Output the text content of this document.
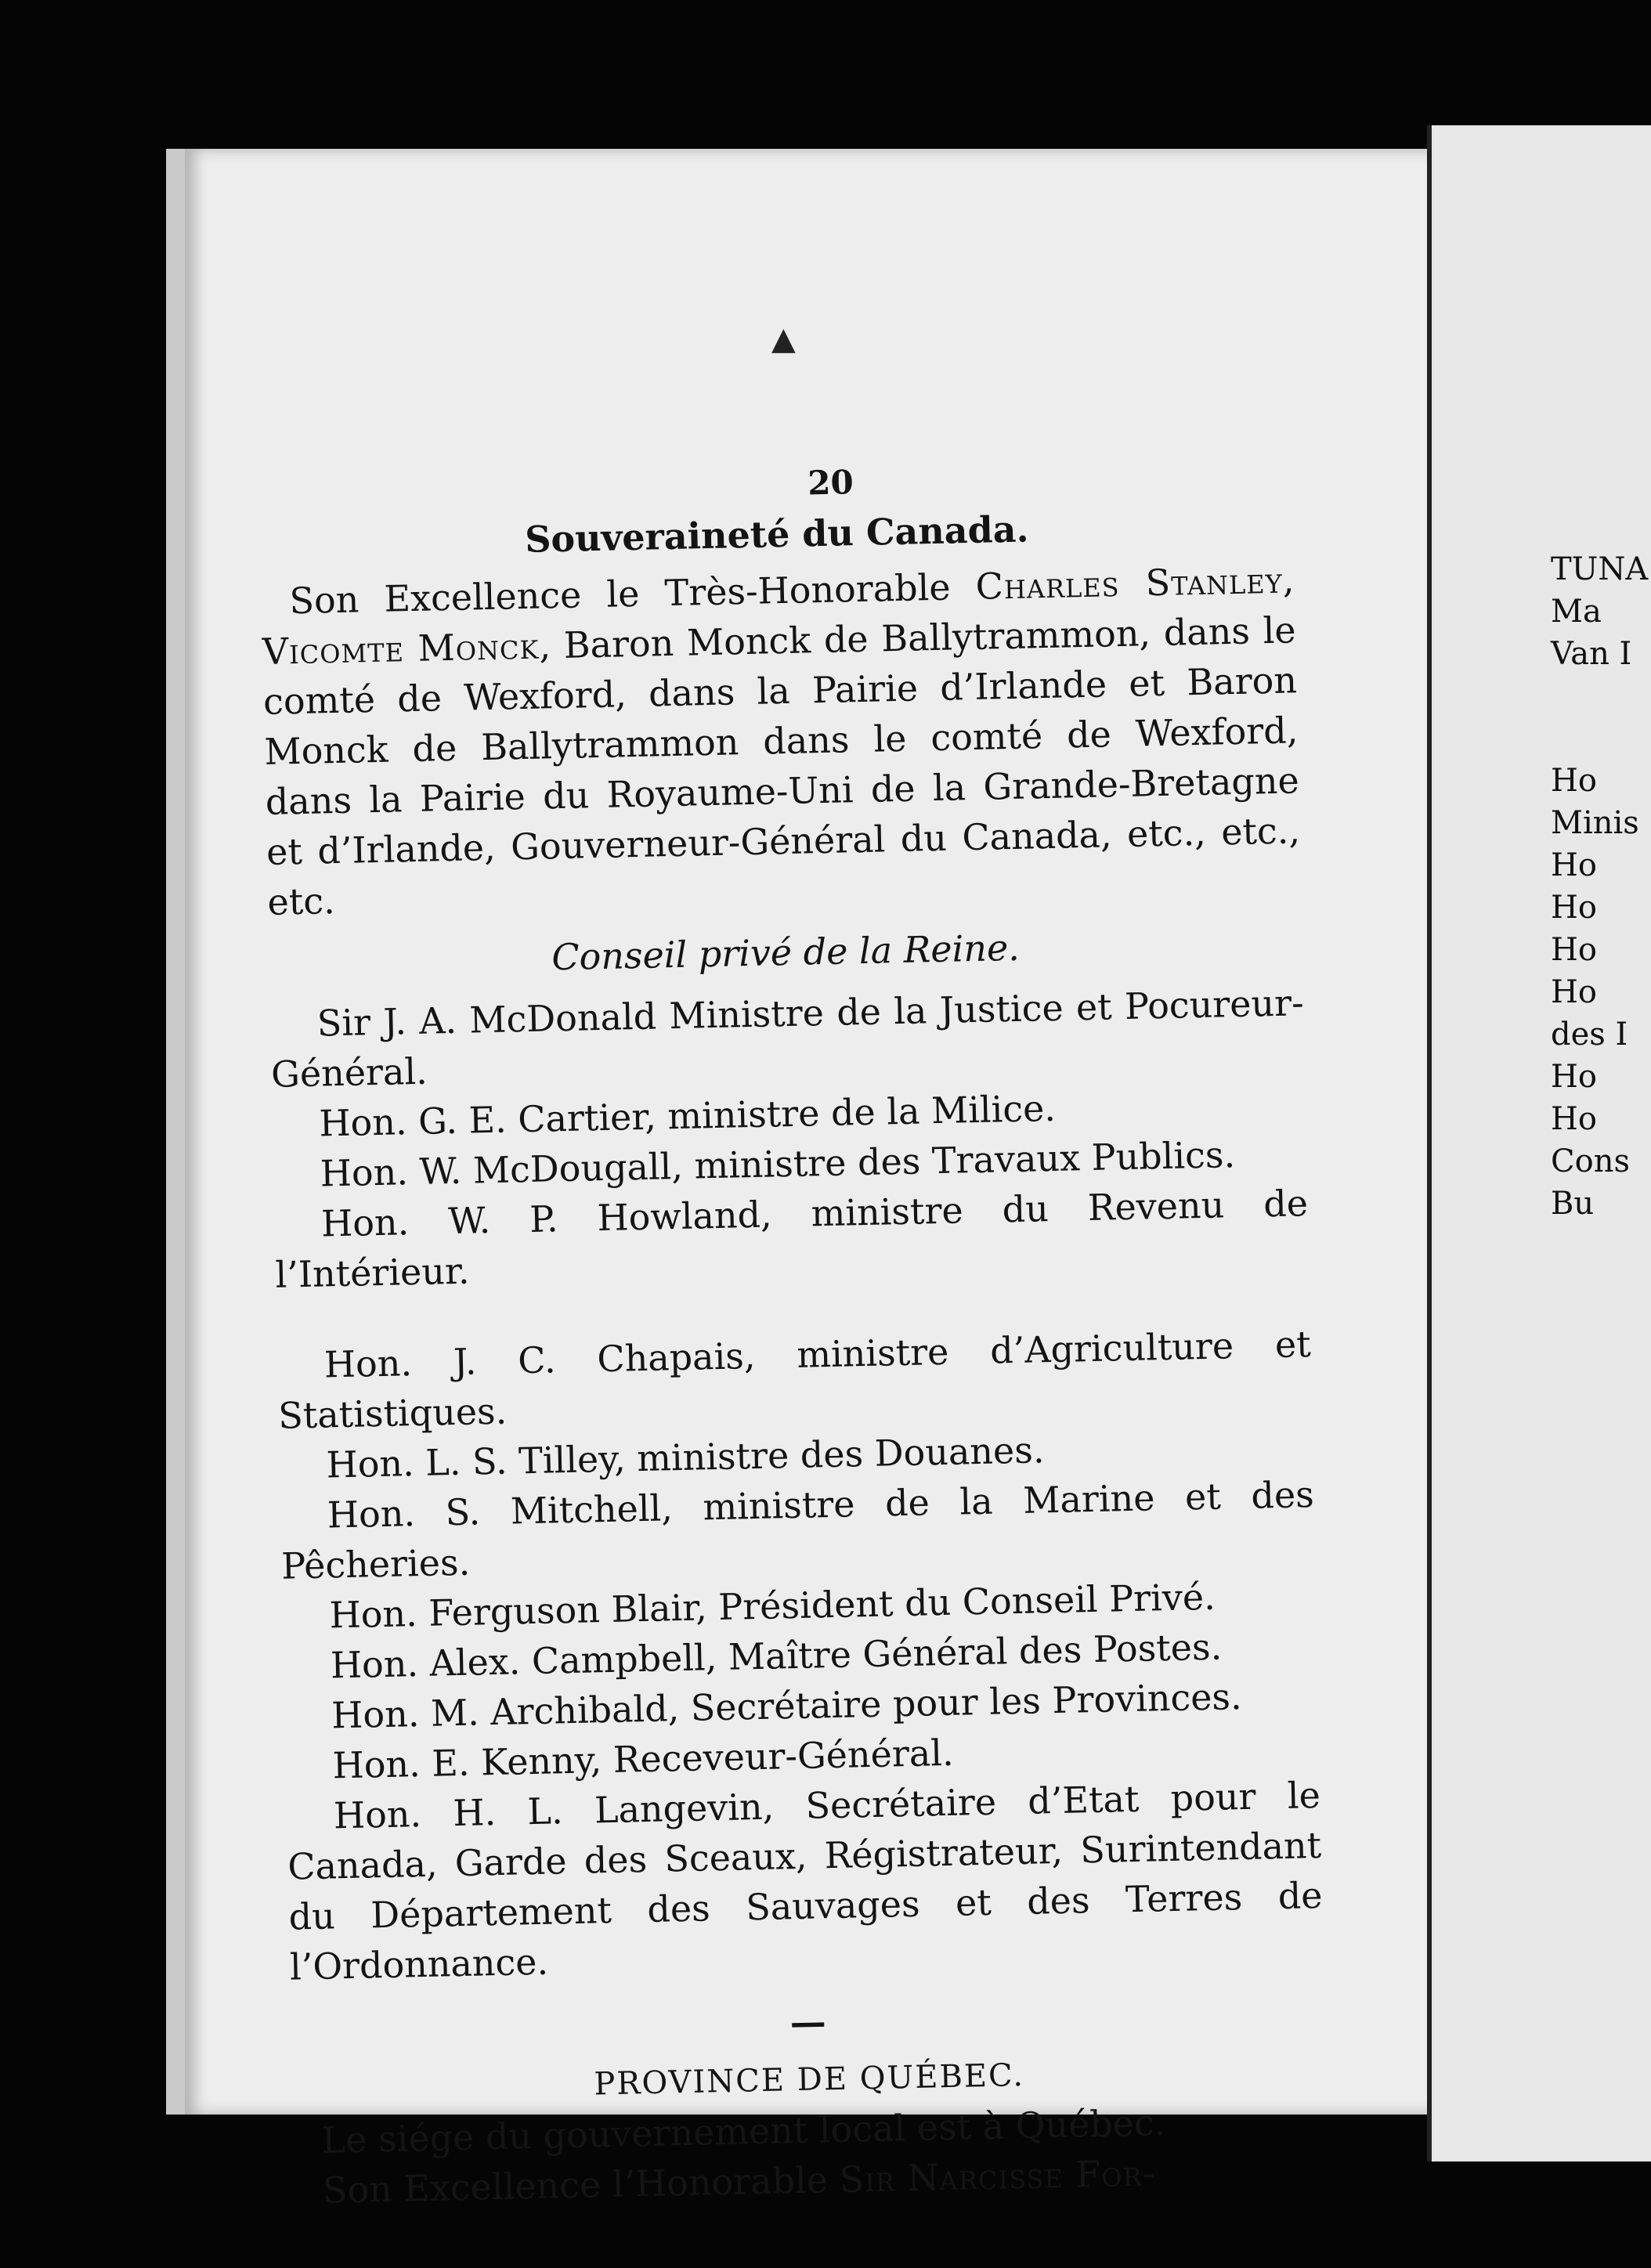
20
Souveraineté du Canada.

Son Excellence le Très-Honorable Charles Stanley, Vicomte Monck, Baron Monck de Ballytrammon, dans le comté de Wexford, dans la Pairie d’Irlande et Baron Monck de Ballytrammon dans le comté de Wexford, dans la Pairie du Royaume-Uni de la Grande-Bretagne et d’Irlande, Gouverneur-Général du Canada, etc., etc., etc.

Conseil privé de la Reine.

Sir J. A. McDonald Ministre de la Justice et Pocureur-Général.

Hon. G. E. Cartier, ministre de la Milice.

Hon. W. McDougall, ministre des Travaux Publics.

Hon. W. P. Howland, ministre du Revenu de l’Intérieur.

Hon. J. C. Chapais, ministre d’Agriculture et Statistiques.

Hon. L. S. Tilley, ministre des Douanes.

Hon. S. Mitchell, ministre de la Marine et des Pêcheries.

Hon. Ferguson Blair, Président du Conseil Privé.

Hon. Alex. Campbell, Maître Général des Postes.

Hon. M. Archibald, Secrétaire pour les Provinces.

Hon. E. Kenny, Receveur-Général.

Hon. H. L. Langevin, Secrétaire d’Etat pour le Canada, Garde des Sceaux, Régistrateur, Surintendant du Département des Sauvages et des Terres de l’Ordonnance.

—
PROVINCE DE QUÉBEC.

Le siége du gouvernement local est à Québec.

Son Excellence l’Honorable Sir Narcisse For-

TUNA
Ma
Van I
Ho
Minis
Ho
Ho
Ho
Ho
des I
Ho
Ho
Cons
Bu
▲
